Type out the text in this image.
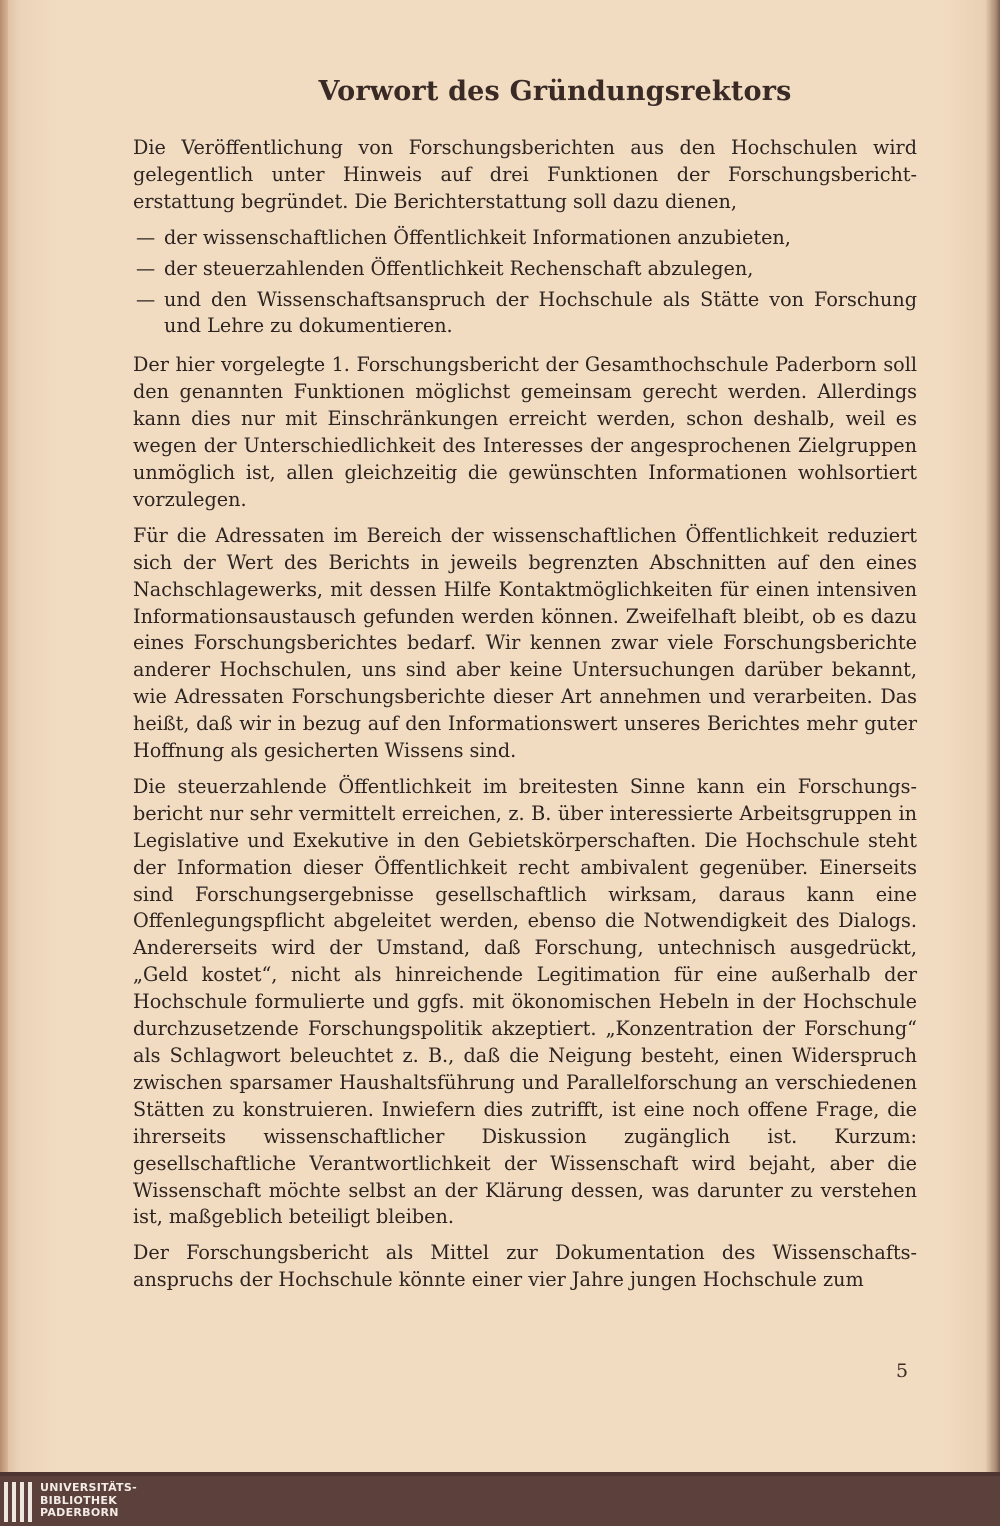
Vorwort des Gründungsrektors

Die Veröffentlichung von Forschungsberichten aus den Hochschulen wird gelegentlich unter Hinweis auf drei Funktionen der Forschungsberichterstattung begründet. Die Berichterstattung soll dazu dienen,

— der wissenschaftlichen Öffentlichkeit Informationen anzubieten,
— der steuerzahlenden Öffentlichkeit Rechenschaft abzulegen,
— und den Wissenschaftsanspruch der Hochschule als Stätte von Forschung und Lehre zu dokumentieren.

Der hier vorgelegte 1. Forschungsbericht der Gesamthochschule Paderborn soll den genannten Funktionen möglichst gemeinsam gerecht werden. Allerdings kann dies nur mit Einschränkungen erreicht werden, schon deshalb, weil es wegen der Unterschiedlichkeit des Interesses der angesprochenen Zielgruppen unmöglich ist, allen gleichzeitig die gewünschten Informationen wohlsortiert vorzulegen.

Für die Adressaten im Bereich der wissenschaftlichen Öffentlichkeit reduziert sich der Wert des Berichts in jeweils begrenzten Abschnitten auf den eines Nachschlagewerks, mit dessen Hilfe Kontaktmöglichkeiten für einen intensiven Informationsaustausch gefunden werden können. Zweifelhaft bleibt, ob es dazu eines Forschungsberichtes bedarf. Wir kennen zwar viele Forschungsberichte anderer Hochschulen, uns sind aber keine Untersuchungen darüber bekannt, wie Adressaten Forschungsberichte dieser Art annehmen und verarbeiten. Das heißt, daß wir in bezug auf den Informationswert unseres Berichtes mehr guter Hoffnung als gesicherten Wissens sind.

Die steuerzahlende Öffentlichkeit im breitesten Sinne kann ein Forschungsbericht nur sehr vermittelt erreichen, z. B. über interessierte Arbeitsgruppen in Legislative und Exekutive in den Gebietskörperschaften. Die Hochschule steht der Information dieser Öffentlichkeit recht ambivalent gegenüber. Einerseits sind Forschungsergebnisse gesellschaftlich wirksam, daraus kann eine Offenlegungspflicht abgeleitet werden, ebenso die Notwendigkeit des Dialogs. Andererseits wird der Umstand, daß Forschung, untechnisch ausgedrückt, „Geld kostet“, nicht als hinreichende Legitimation für eine außerhalb der Hochschule formulierte und ggfs. mit ökonomischen Hebeln in der Hochschule durchzusetzende Forschungspolitik akzeptiert. „Konzentration der Forschung“ als Schlagwort beleuchtet z. B., daß die Neigung besteht, einen Widerspruch zwischen sparsamer Haushaltsführung und Parallelforschung an verschiedenen Stätten zu konstruieren. Inwiefern dies zutrifft, ist eine noch offene Frage, die ihrerseits wissenschaftlicher Diskussion zugänglich ist. Kurzum: gesellschaftliche Verantwortlichkeit der Wissenschaft wird bejaht, aber die Wissenschaft möchte selbst an der Klärung dessen, was darunter zu verstehen ist, maßgeblich beteiligt bleiben.

Der Forschungsbericht als Mittel zur Dokumentation des Wissenschaftsanspruchs der Hochschule könnte einer vier Jahre jungen Hochschule zum

5
UNIVERSITÄTS-
BIBLIOTHEK
PADERBORN
